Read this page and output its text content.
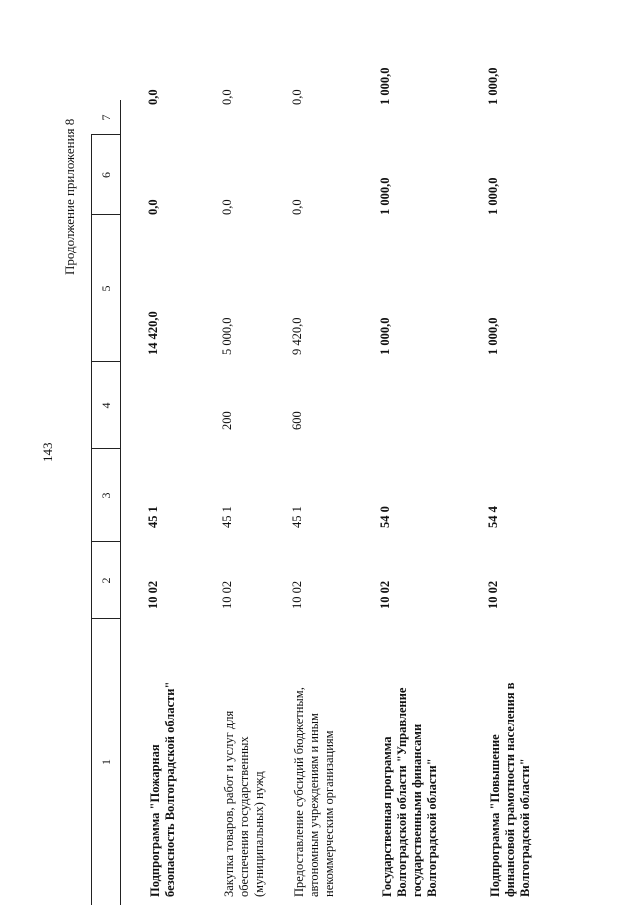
143
Продолжение приложения 8
1
2
3
4
5
6
7
Подпрограмма "Пожарная безопасность Волгоградской области"
10 02
45 1
14 420,0
0,0
0,0
Закупка товаров, работ и услуг для обеспечения государственных (муниципальных) нужд
10 02
45 1
200
5 000,0
0,0
0,0
Предоставление субсидий бюджетным, автономным учреждениям и иным некоммерческим организациям
10 02
45 1
600
9 420,0
0,0
0,0
Государственная программа Волгоградской области "Управление государственными финансами Волгоградской области"
10 02
54 0
1 000,0
1 000,0
1 000,0
Подпрограмма "Повышение финансовой грамотности населения в Волгоградской области"
10 02
54 4
1 000,0
1 000,0
1 000,0
